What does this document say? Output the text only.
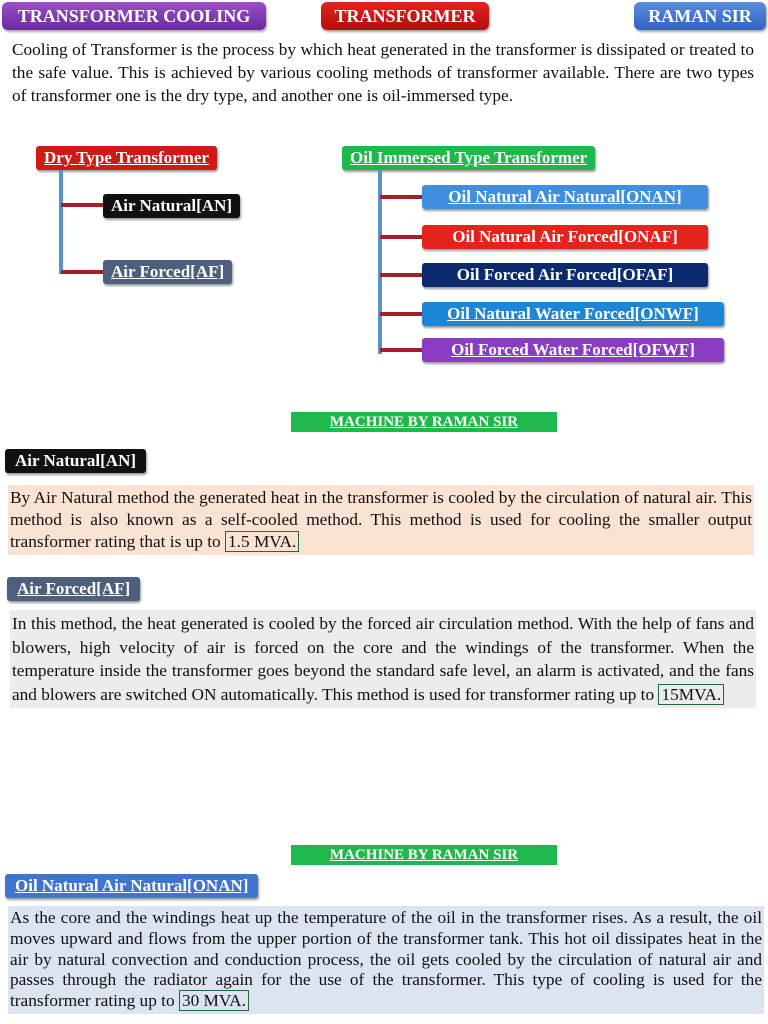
TRANSFORMER COOLING	TRANSFORMER	RAMAN SIR
Cooling of Transformer is the process by which heat generated in the transformer is dissipated or treated to the safe value. This is achieved by various cooling methods of transformer available. There are two types of transformer one is the dry type, and another one is oil-immersed type.
Dry Type Transformer
Air Natural[AN]
Air Forced[AF]
Oil Immersed Type Transformer
Oil Natural Air Natural[ONAN]
Oil Natural Air Forced[ONAF]
Oil Forced Air Forced[OFAF]
Oil Natural Water Forced[ONWF]
Oil Forced Water Forced[OFWF]
MACHINE BY RAMAN SIR
Air Natural[AN]
By Air Natural method the generated heat in the transformer is cooled by the circulation of natural air. This method is also known as a self-cooled method. This method is used for cooling the smaller output transformer rating that is up to 1.5 MVA.
Air Forced[AF]
In this method, the heat generated is cooled by the forced air circulation method. With the help of fans and blowers, high velocity of air is forced on the core and the windings of the transformer. When the temperature inside the transformer goes beyond the standard safe level, an alarm is activated, and the fans and blowers are switched ON automatically. This method is used for transformer rating up to 15MVA.
MACHINE BY RAMAN SIR
Oil Natural Air Natural[ONAN]
As the core and the windings heat up the temperature of the oil in the transformer rises. As a result, the oil moves upward and flows from the upper portion of the transformer tank. This hot oil dissipates heat in the air by natural convection and conduction process, the oil gets cooled by the circulation of natural air and passes through the radiator again for the use of the transformer. This type of cooling is used for the transformer rating up to 30 MVA.
